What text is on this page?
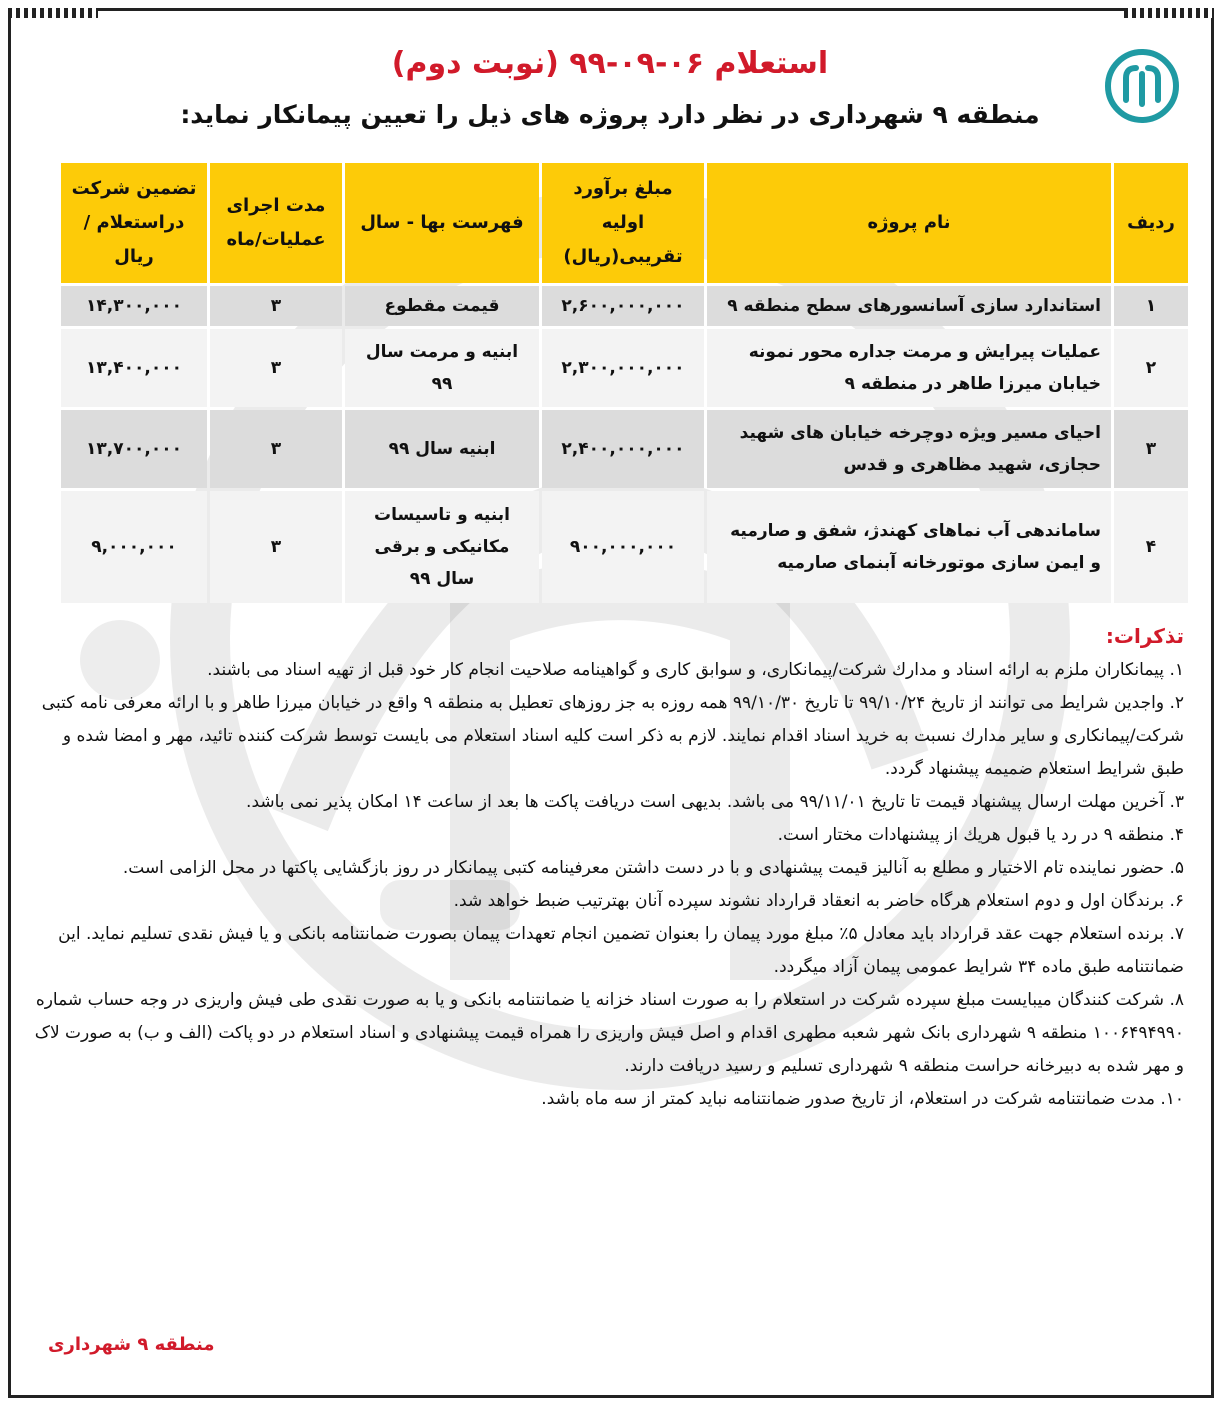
استعلام ۰۶-۰۹-۹۹ (نوبت دوم)
منطقه ۹ شهرداری در نظر دارد پروژه های ذیل را تعیین پیمانکار نماید:
ردیف	نام پروژه	مبلغ برآورد اولیه تقریبی(ریال)	فهرست بها - سال	مدت اجرای عملیات/ماه	تضمین شرکت دراستعلام / ریال
۱	استاندارد سازی آسانسورهای سطح منطقه ۹	۲,۶۰۰,۰۰۰,۰۰۰	قیمت مقطوع	۳	۱۴,۳۰۰,۰۰۰
۲	عملیات پیرایش و مرمت جداره محور نمونه خیابان میرزا طاهر در منطقه ۹	۲,۳۰۰,۰۰۰,۰۰۰	ابنیه و مرمت سال ۹۹	۳	۱۳,۴۰۰,۰۰۰
۳	احیای مسیر ویژه دوچرخه خیابان های شهید حجازی، شهید مظاهری و قدس	۲,۴۰۰,۰۰۰,۰۰۰	ابنیه سال ۹۹	۳	۱۳,۷۰۰,۰۰۰
۴	ساماندهی آب نماهای کهندژ، شفق و صارمیه و ایمن سازی موتورخانه آبنمای صارمیه	۹۰۰,۰۰۰,۰۰۰	ابنیه و تاسیسات مکانیکی و برقی سال ۹۹	۳	۹,۰۰۰,۰۰۰
تذکرات:
۱. پیمانکاران ملزم به ارائه اسناد و مدارك شرکت/پیمانکاری، و سوابق کاری و گواهینامه صلاحیت انجام کار خود قبل از تهیه اسناد می باشند.
۲. واجدین شرایط می توانند از تاریخ ۹۹/۱۰/۲۴ تا تاریخ ۹۹/۱۰/۳۰ همه روزه به جز روزهای تعطیل به منطقه ۹ واقع در خیابان میرزا طاهر و با ارائه معرفی نامه کتبی شرکت/پیمانکاری و سایر مدارك نسبت به خرید اسناد اقدام نمایند. لازم به ذکر است کلیه اسناد استعلام می بایست توسط شرکت کننده تائید، مهر و امضا شده و طبق شرایط استعلام ضمیمه پیشنهاد گردد.
۳. آخرین مهلت ارسال پیشنهاد قیمت تا تاریخ ۹۹/۱۱/۰۱ می باشد. بدیهی است دریافت پاکت ها بعد از ساعت ۱۴ امکان پذیر نمی باشد.
۴. منطقه ۹ در رد یا قبول هریك از پیشنهادات مختار است.
۵. حضور نماینده تام الاختیار و مطلع به آنالیز قیمت پیشنهادی و با در دست داشتن معرفینامه کتبی پیمانکار در روز بازگشایی پاکتها در محل الزامی است.
۶. برندگان اول و دوم استعلام هرگاه حاضر به انعقاد قرارداد نشوند سپرده آنان بهترتیب ضبط خواهد شد.
۷. برنده استعلام جهت عقد قرارداد باید معادل ۵٪ مبلغ مورد پیمان را بعنوان تضمین انجام تعهدات پیمان بصورت ضمانتنامه بانکی و یا فیش نقدی تسلیم نماید. این ضمانتنامه طبق ماده ۳۴ شرایط عمومی پیمان آزاد میگردد.
۸. شرکت کنندگان میبایست مبلغ سپرده شرکت در استعلام را به صورت اسناد خزانه یا ضمانتنامه بانکی و یا به صورت نقدی طی فیش واریزی در وجه حساب شماره ۱۰۰۶۴۹۴۹۹۰ منطقه ۹ شهرداری بانک شهر شعبه مطهری اقدام و اصل فیش واریزی را همراه قیمت پیشنهادی و اسناد استعلام در دو پاکت (الف و ب) به صورت لاک و مهر شده به دبیرخانه حراست منطقه ۹ شهرداری تسلیم و رسید دریافت دارند.
۱۰. مدت ضمانتنامه شرکت در استعلام، از تاریخ صدور ضمانتنامه نباید کمتر از سه ماه باشد.
منطقه ۹ شهرداری
